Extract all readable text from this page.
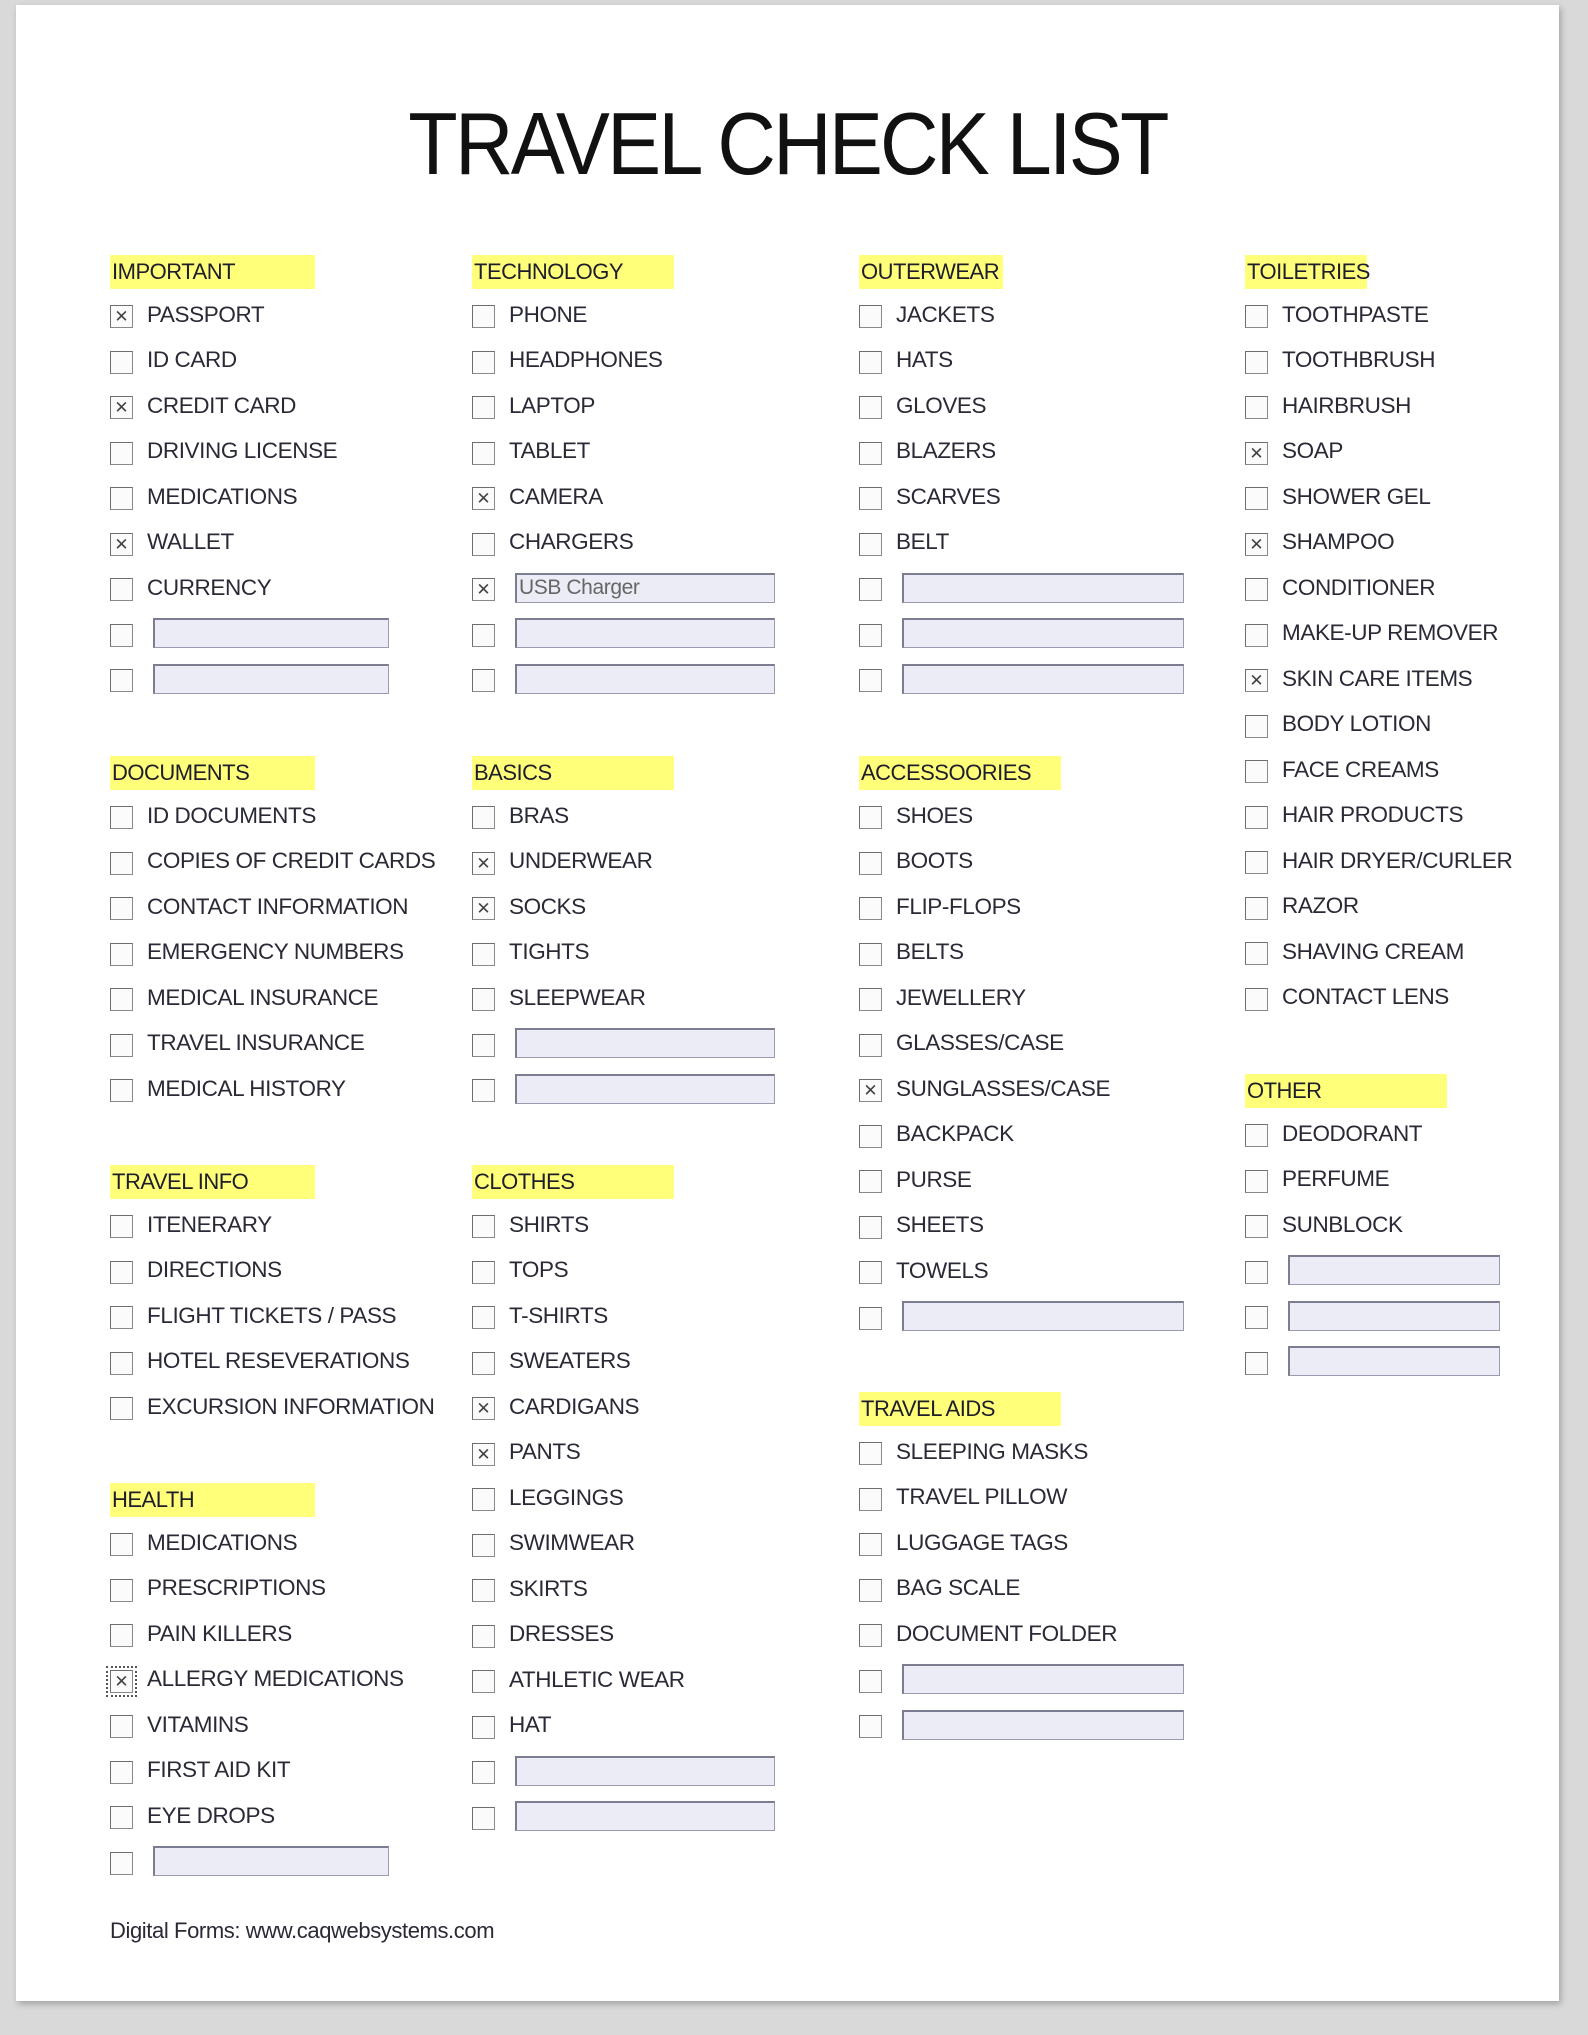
TRAVEL CHECK LIST
IMPORTANT
✕ PASSPORT
ID CARD
✕ CREDIT CARD
DRIVING LICENSE
MEDICATIONS
✕ WALLET
CURRENCY
DOCUMENTS
ID DOCUMENTS
COPIES OF CREDIT CARDS
CONTACT INFORMATION
EMERGENCY NUMBERS
MEDICAL INSURANCE
TRAVEL INSURANCE
MEDICAL HISTORY
TRAVEL INFO
ITENERARY
DIRECTIONS
FLIGHT TICKETS / PASS
HOTEL RESEVERATIONS
EXCURSION INFORMATION
HEALTH
MEDICATIONS
PRESCRIPTIONS
PAIN KILLERS
✕ ALLERGY MEDICATIONS
VITAMINS
FIRST AID KIT
EYE DROPS
TECHNOLOGY
PHONE
HEADPHONES
LAPTOP
TABLET
✕ CAMERA
CHARGERS
✕ USB Charger
BASICS
BRAS
✕ UNDERWEAR
✕ SOCKS
TIGHTS
SLEEPWEAR
CLOTHES
SHIRTS
TOPS
T-SHIRTS
SWEATERS
✕ CARDIGANS
✕ PANTS
LEGGINGS
SWIMWEAR
SKIRTS
DRESSES
ATHLETIC WEAR
HAT
OUTERWEAR
JACKETS
HATS
GLOVES
BLAZERS
SCARVES
BELT
ACCESSOORIES
SHOES
BOOTS
FLIP-FLOPS
BELTS
JEWELLERY
GLASSES/CASE
✕ SUNGLASSES/CASE
BACKPACK
PURSE
SHEETS
TOWELS
TRAVEL AIDS
SLEEPING MASKS
TRAVEL PILLOW
LUGGAGE TAGS
BAG SCALE
DOCUMENT FOLDER
TOILETRIES
TOOTHPASTE
TOOTHBRUSH
HAIRBRUSH
✕ SOAP
SHOWER GEL
✕ SHAMPOO
CONDITIONER
MAKE-UP REMOVER
✕ SKIN CARE ITEMS
BODY LOTION
FACE CREAMS
HAIR PRODUCTS
HAIR DRYER/CURLER
RAZOR
SHAVING CREAM
CONTACT LENS
OTHER
DEODORANT
PERFUME
SUNBLOCK
Digital Forms: www.caqwebsystems.com
